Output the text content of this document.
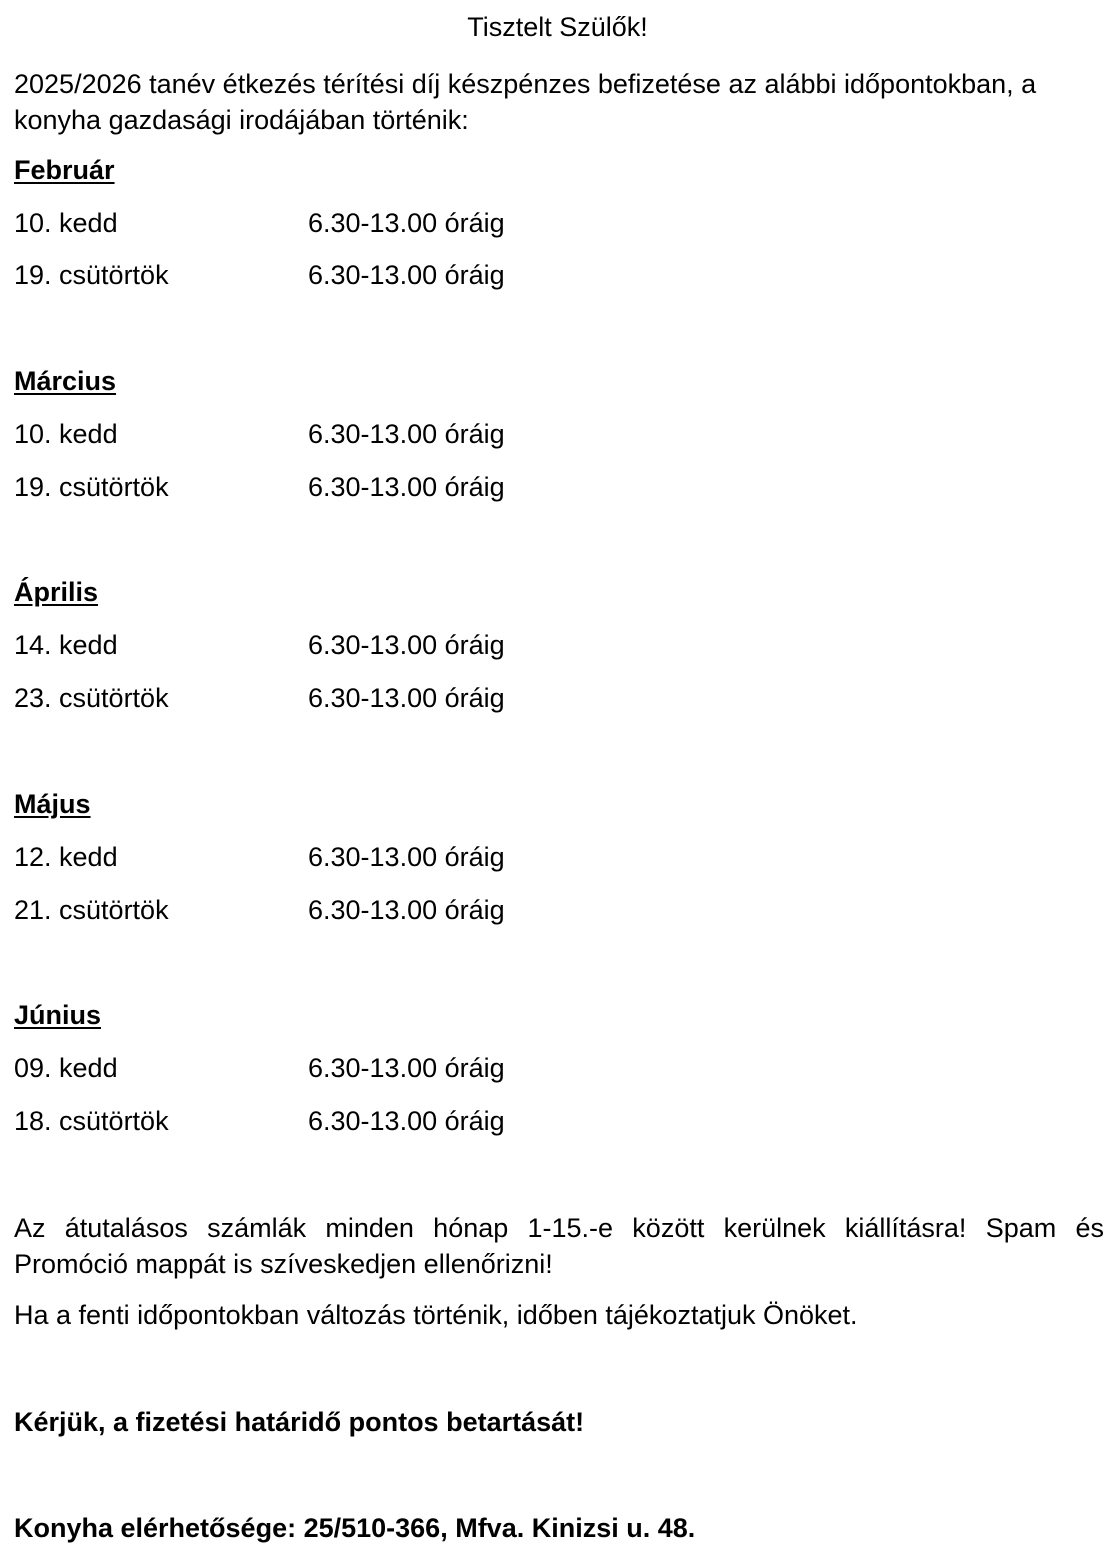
Tisztelt Szülők!
2025/2026 tanév étkezés térítési díj készpénzes befizetése az alábbi időpontokban, a konyha gazdasági irodájában történik:
Február
10. kedd	6.30-13.00 óráig
19. csütörtök	6.30-13.00 óráig
Március
10. kedd	6.30-13.00 óráig
19. csütörtök	6.30-13.00 óráig
Április
14. kedd	6.30-13.00 óráig
23. csütörtök	6.30-13.00 óráig
Május
12. kedd	6.30-13.00 óráig
21. csütörtök	6.30-13.00 óráig
Június
09. kedd	6.30-13.00 óráig
18. csütörtök	6.30-13.00 óráig
Az átutalásos számlák minden hónap 1-15.-e között kerülnek kiállításra! Spam és Promóció mappát is szíveskedjen ellenőrizni!
Ha a fenti időpontokban változás történik, időben tájékoztatjuk Önöket.
Kérjük, a fizetési határidő pontos betartását!
Konyha elérhetősége: 25/510-366, Mfva. Kinizsi u. 48.
